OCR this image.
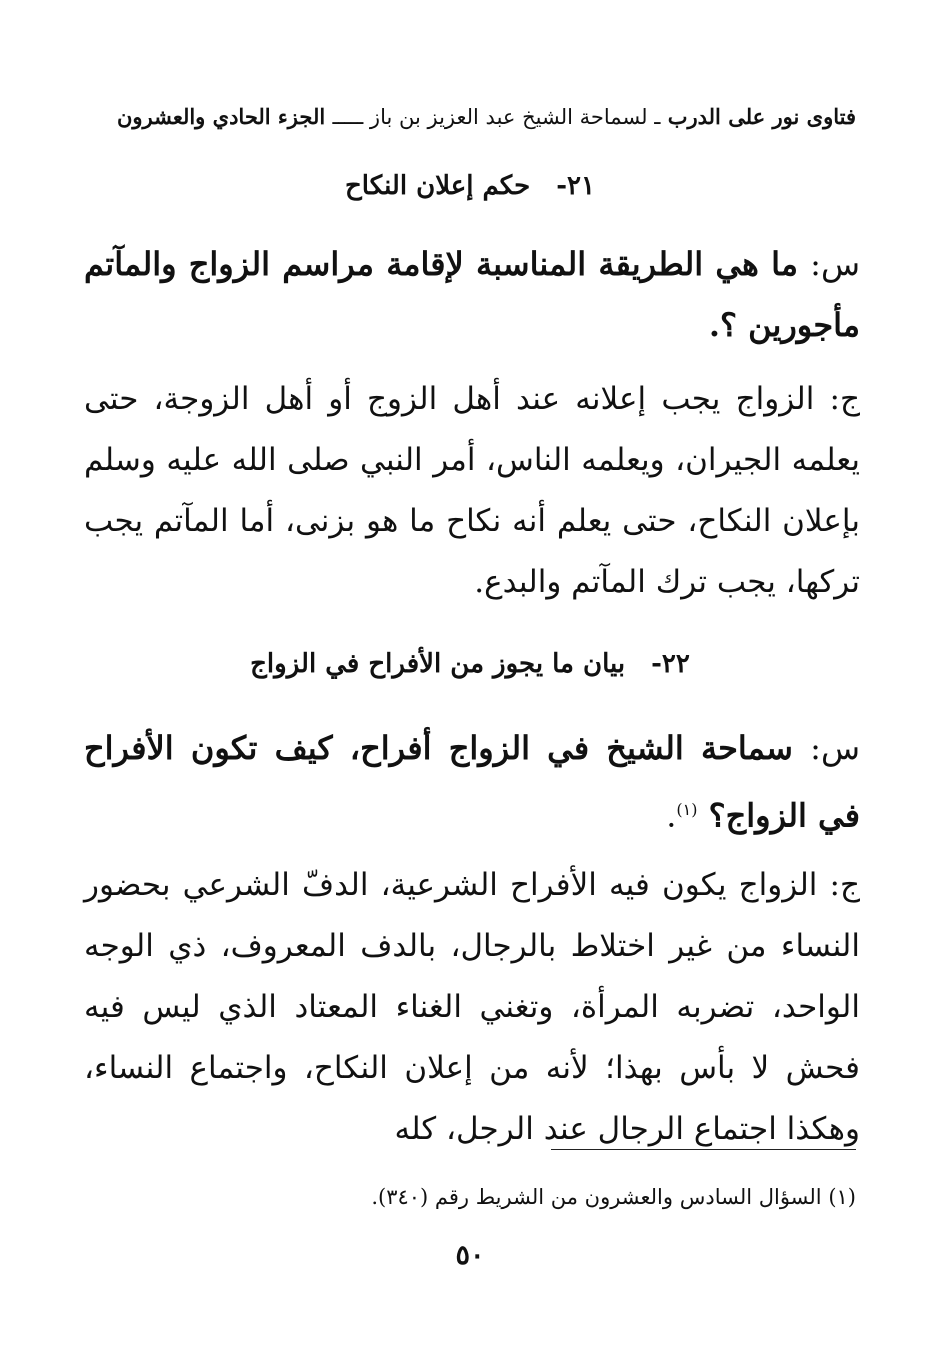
فتاوى نور على الدرب ـ لسماحة الشيخ عبد العزيز بن باز ـــــ الجزء الحادي والعشرون
٢١-حكم إعلان النكاح
س: ما هي الطريقة المناسبة لإقامة مراسم الزواج والمآتم مأجورين ؟.
ج: الزواج يجب إعلانه عند أهل الزوج أو أهل الزوجة، حتى يعلمه الجيران، ويعلمه الناس، أمر النبي صلى الله عليه وسلم بإعلان النكاح، حتى يعلم أنه نكاح ما هو بزنى، أما المآتم يجب تركها، يجب ترك المآتم والبدع.
٢٢-بيان ما يجوز من الأفراح في الزواج
س: سماحة الشيخ في الزواج أفراح، كيف تكون الأفراح في الزواج؟ $^{(١)}$.
ج: الزواج يكون فيه الأفراح الشرعية، الدفّ الشرعي بحضور النساء من غير اختلاط بالرجال، بالدف المعروف، ذي الوجه الواحد، تضربه المرأة، وتغني الغناء المعتاد الذي ليس فيه فحش لا بأس بهذا؛ لأنه من إعلان النكاح، واجتماع النساء، وهكذا اجتماع الرجال عند الرجل، كله
(١) السؤال السادس والعشرون من الشريط رقم (٣٤٠).
٥٠
